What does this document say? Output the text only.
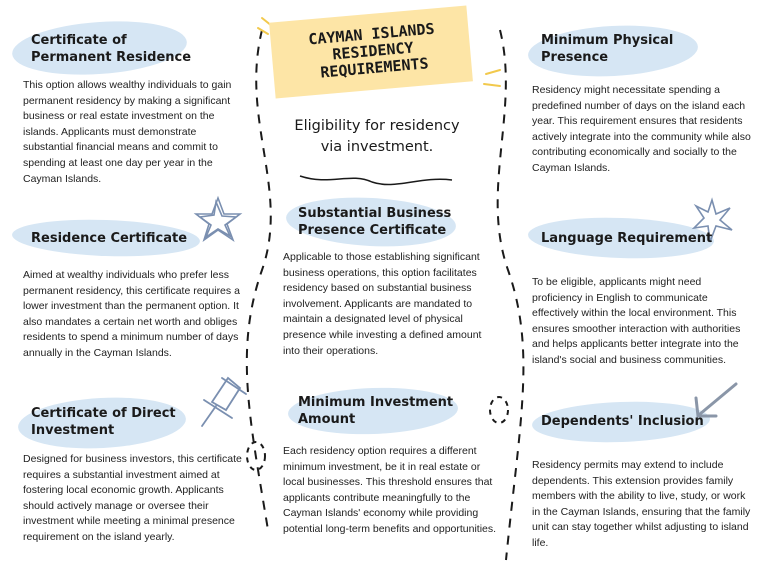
CAYMAN ISLANDS RESIDENCY REQUIREMENTS

Eligibility for residency via investment.

Certificate of Permanent Residence

This option allows wealthy individuals to gain permanent residency by making a significant business or real estate investment on the islands. Applicants must demonstrate substantial financial means and commit to spending at least one day per year in the Cayman Islands.

Residence Certificate

Aimed at wealthy individuals who prefer less permanent residency, this certificate requires a lower investment than the permanent option. It also mandates a certain net worth and obliges residents to spend a minimum number of days annually in the Cayman Islands.

Certificate of Direct Investment

Designed for business investors, this certificate requires a substantial investment aimed at fostering local economic growth. Applicants should actively manage or oversee their investment while meeting a minimal presence requirement on the island yearly.

Substantial Business Presence Certificate

Applicable to those establishing significant business operations, this option facilitates residency based on substantial business involvement. Applicants are mandated to maintain a designated level of physical presence while investing a defined amount into their operations.

Minimum Investment Amount

Each residency option requires a different minimum investment, be it in real estate or local businesses. This threshold ensures that applicants contribute meaningfully to the Cayman Islands' economy while providing potential long-term benefits and opportunities.

Minimum Physical Presence

Residency might necessitate spending a predefined number of days on the island each year. This requirement ensures that residents actively integrate into the community while also contributing economically and socially to the Cayman Islands.

Language Requirement

To be eligible, applicants might need proficiency in English to communicate effectively within the local environment. This ensures smoother interaction with authorities and helps applicants better integrate into the island's social and business communities.

Dependents' Inclusion

Residency permits may extend to include dependents. This extension provides family members with the ability to live, study, or work in the Cayman Islands, ensuring that the family unit can stay together whilst adjusting to island life.
